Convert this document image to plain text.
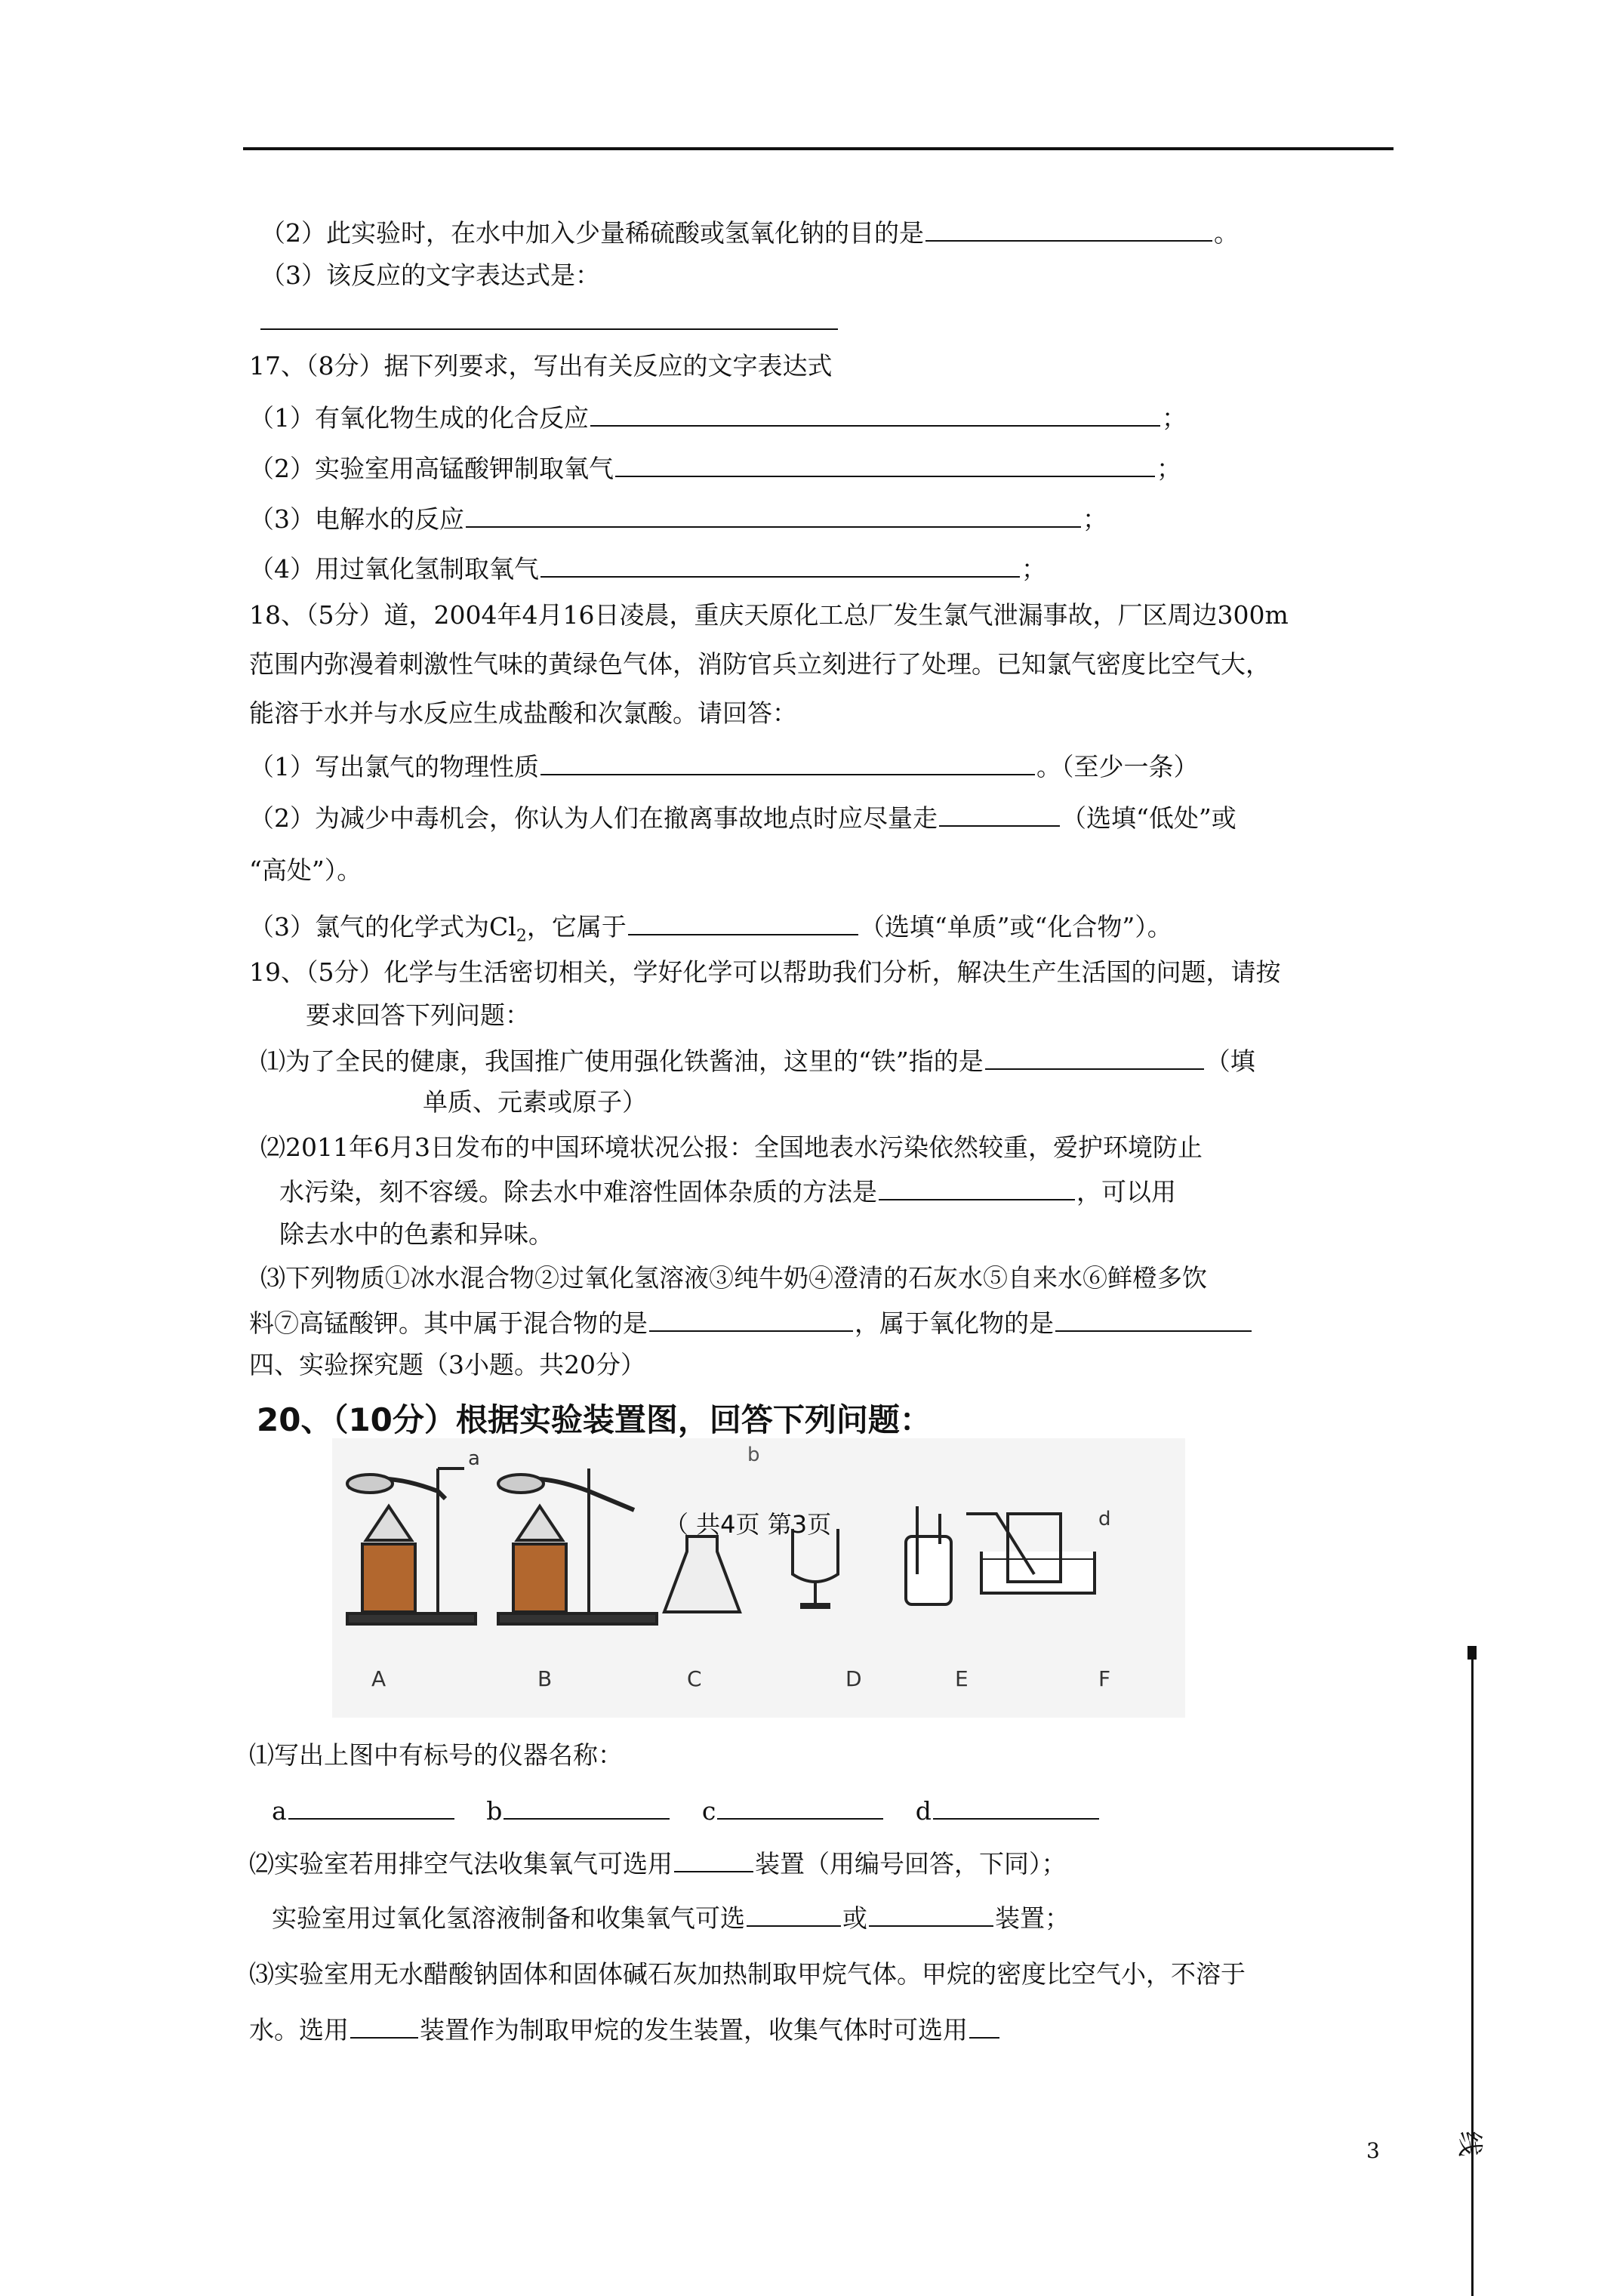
（2）此实验时，在水中加入少量稀硫酸或氢氧化钠的目的是	。
（3）该反应的文字表达式是：
17、（8分）据下列要求，写出有关反应的文字表达式
（1）有氧化物生成的化合反应	；
（2）实验室用高锰酸钾制取氧气	；
（3）电解水的反应	；
（4）用过氧化氢制取氧气	；
18、（5分）道，2004年4月16日凌晨，重庆天原化工总厂发生氯气泄漏事故，厂区周边300m
范围内弥漫着刺激性气味的黄绿色气体，消防官兵立刻进行了处理。已知氯气密度比空气大，
能溶于水并与水反应生成盐酸和次氯酸。请回答：
（1）写出氯气的物理性质	。（至少一条）
（2）为减少中毒机会，你认为人们在撤离事故地点时应尽量走	（选填“低处”或
“高处”）。
（3）氯气的化学式为$Cl_2$，它属于	（选填“单质”或“化合物”）。
19、（5分）化学与生活密切相关，学好化学可以帮助我们分析，解决生产生活国的问题，请按
要求回答下列问题：
⑴为了全民的健康，我国推广使用强化铁酱油，这里的“铁”指的是	（填
单质、元素或原子）
⑵2011年6月3日发布的中国环境状况公报：全国地表水污染依然较重，爱护环境防止
水污染，刻不容缓。除去水中难溶性固体杂质的方法是	，可以用
除去水中的色素和异味。
⑶下列物质①冰水混合物②过氧化氢溶液③纯牛奶④澄清的石灰水⑤自来水⑥鲜橙多饮
料⑦高锰酸钾。其中属于混合物的是	，属于氧化物的是
四、实验探究题（3小题。共20分）
20、（10分）根据实验装置图，回答下列问题：
a	b
d
（ 共4页 第3页
A	B	C	D	E	F
⑴写出上图中有标号的仪器名称：
a	b	c	d
⑵实验室若用排空气法收集氧气可选用	装置（用编号回答，下同）；
实验室用过氧化氢溶液制备和收集氧气可选	或	装置；
⑶实验室用无水醋酸钠固体和固体碱石灰加热制取甲烷气体。甲烷的密度比空气小，不溶于
水。选用	装置作为制取甲烷的发生装置，收集气体时可选用
3	线
